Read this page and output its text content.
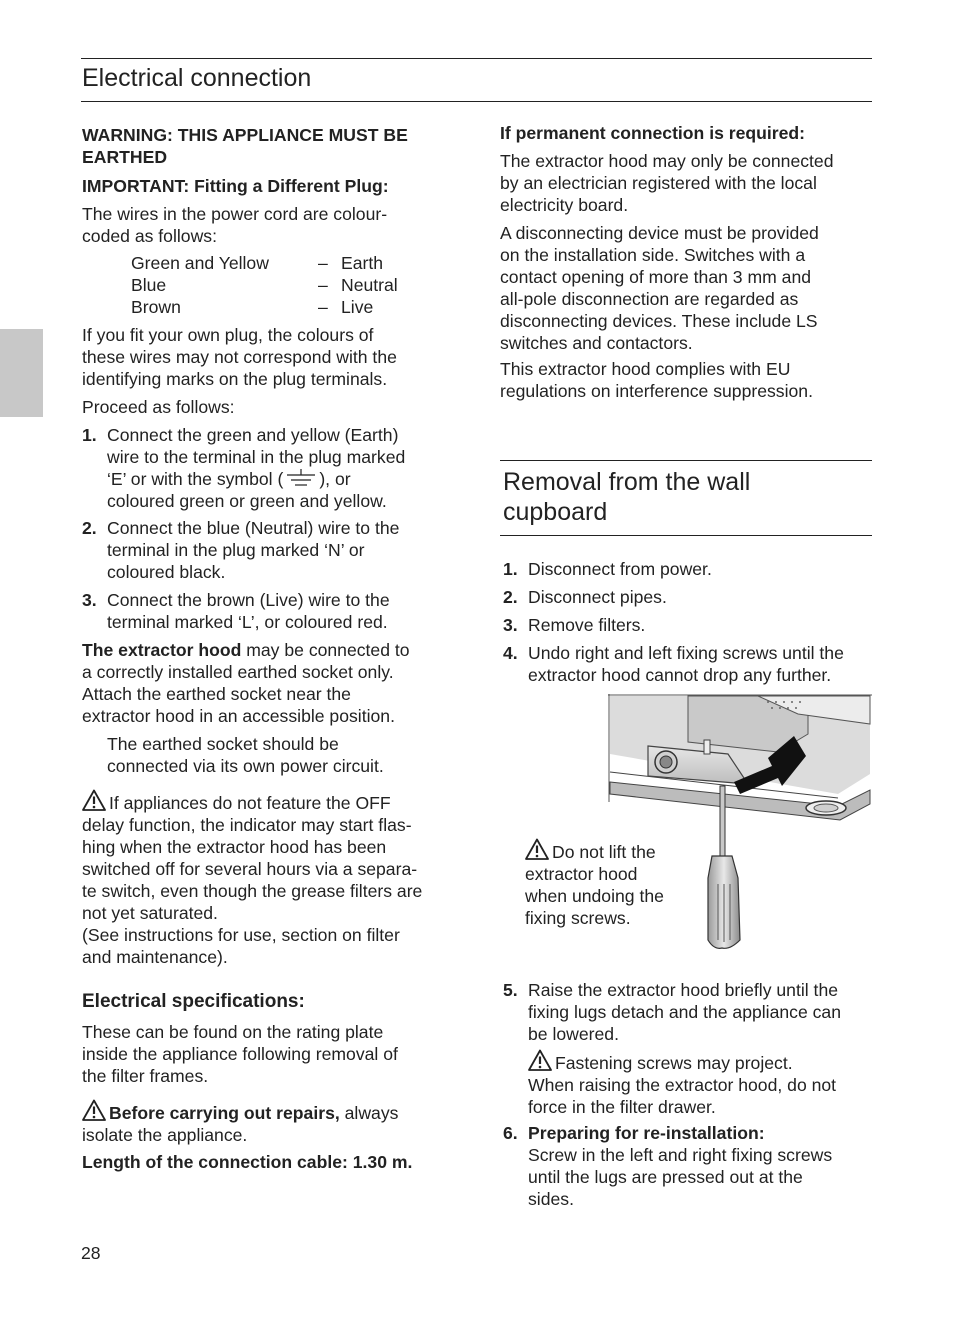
Electrical connection

WARNING: THIS APPLIANCE MUST BE

EARTHED

IMPORTANT: Fitting a Different Plug:

The wires in the power cord are colour-

coded as follows:

Green and Yellow	– Earth
Blue	– Neutral
Brown	– Live

If you fit your own plug, the colours of

these wires may not correspond with the

identifying marks on the plug terminals.

Proceed as follows:
1. Connect the green and yellow (Earth)

wire to the terminal in the plug marked

‘E’ or with the symbol ( ), or

coloured green or green and yellow.

2. Connect the blue (Neutral) wire to the

terminal in the plug marked ‘N’ or

coloured black.

3. Connect the brown (Live) wire to the

terminal marked ‘L’, or coloured red.

The extractor hood may be connected to

a correctly installed earthed socket only.

Attach the earthed socket near the

extractor hood in an accessible position.

The earthed socket should be

connected via its own power circuit.

If appliances do not feature the OFF

delay function, the indicator may start flas-

hing when the extractor hood has been

switched off for several hours via a separa-

te switch, even though the grease filters are

not yet saturated.

(See instructions for use, section on filter

and maintenance).

Electrical specifications:

These can be found on the rating plate

inside the appliance following removal of

the filter frames.

Before carrying out repairs, always

isolate the appliance.

Length of the connection cable: 1.30 m.
If permanent connection is required:

The extractor hood may only be connected

by an electrician registered with the local

electricity board.

A disconnecting device must be provided

on the installation side. Switches with a

contact opening of more than 3 mm and

all-pole disconnection are regarded as

disconnecting devices. These include LS

switches and contactors.

This extractor hood complies with EU

regulations on interference suppression.

Removal from the wall
cupboard
1. Disconnect from power.

2. Disconnect pipes.

3. Remove filters.

4. Undo right and left fixing screws until the

extractor hood cannot drop any further.

Do not lift the

extractor hood

when undoing the

fixing screws.

5. Raise the extractor hood briefly until the

fixing lugs detach and the appliance can

be lowered.

Fastening screws may project.

When raising the extractor hood, do not

force in the filter drawer.

6. Preparing for re-installation:

Screw in the left and right fixing screws

until the lugs are pressed out at the

sides.

28
